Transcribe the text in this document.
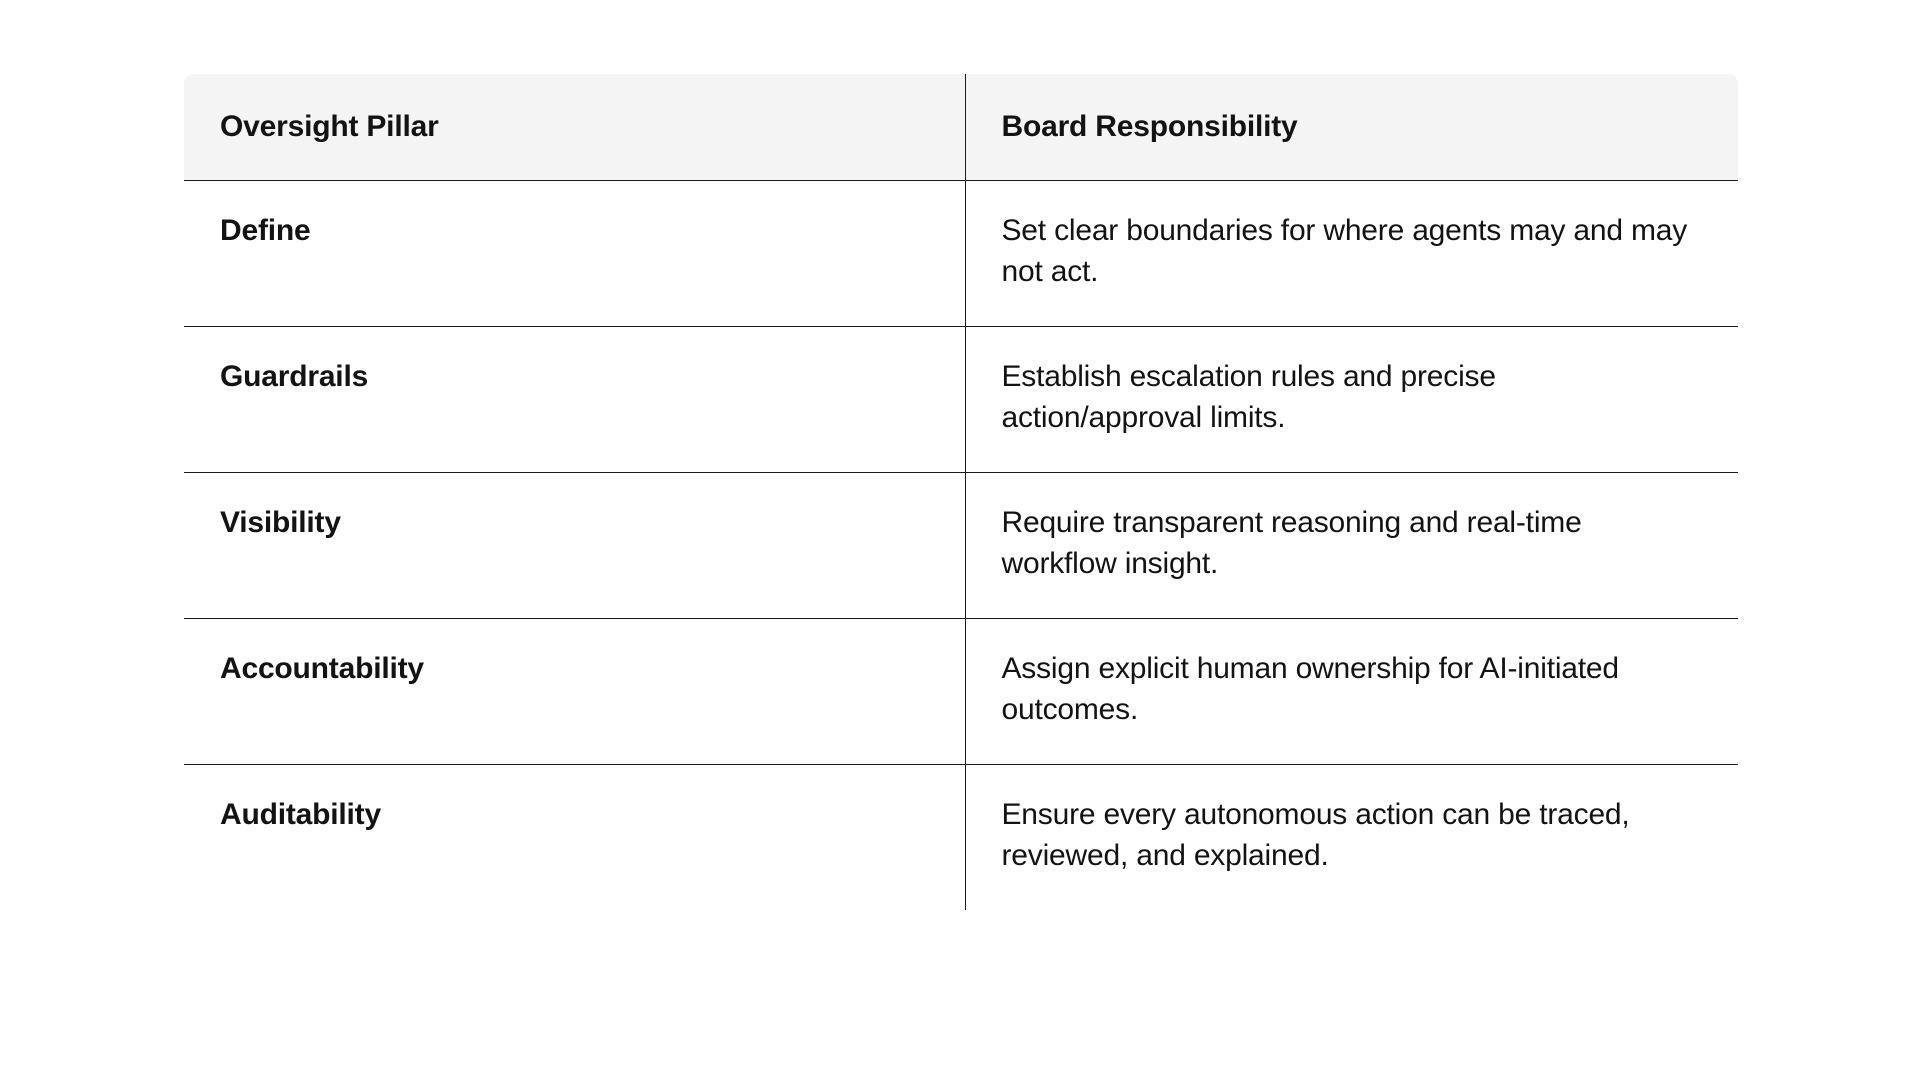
Oversight Pillar	Board Responsibility
Define	Set clear boundaries for where agents may and may not act.
Guardrails	Establish escalation rules and precise action/approval limits.
Visibility	Require transparent reasoning and real-time workflow insight.
Accountability	Assign explicit human ownership for AI-initiated outcomes.
Auditability	Ensure every autonomous action can be traced, reviewed, and explained.
